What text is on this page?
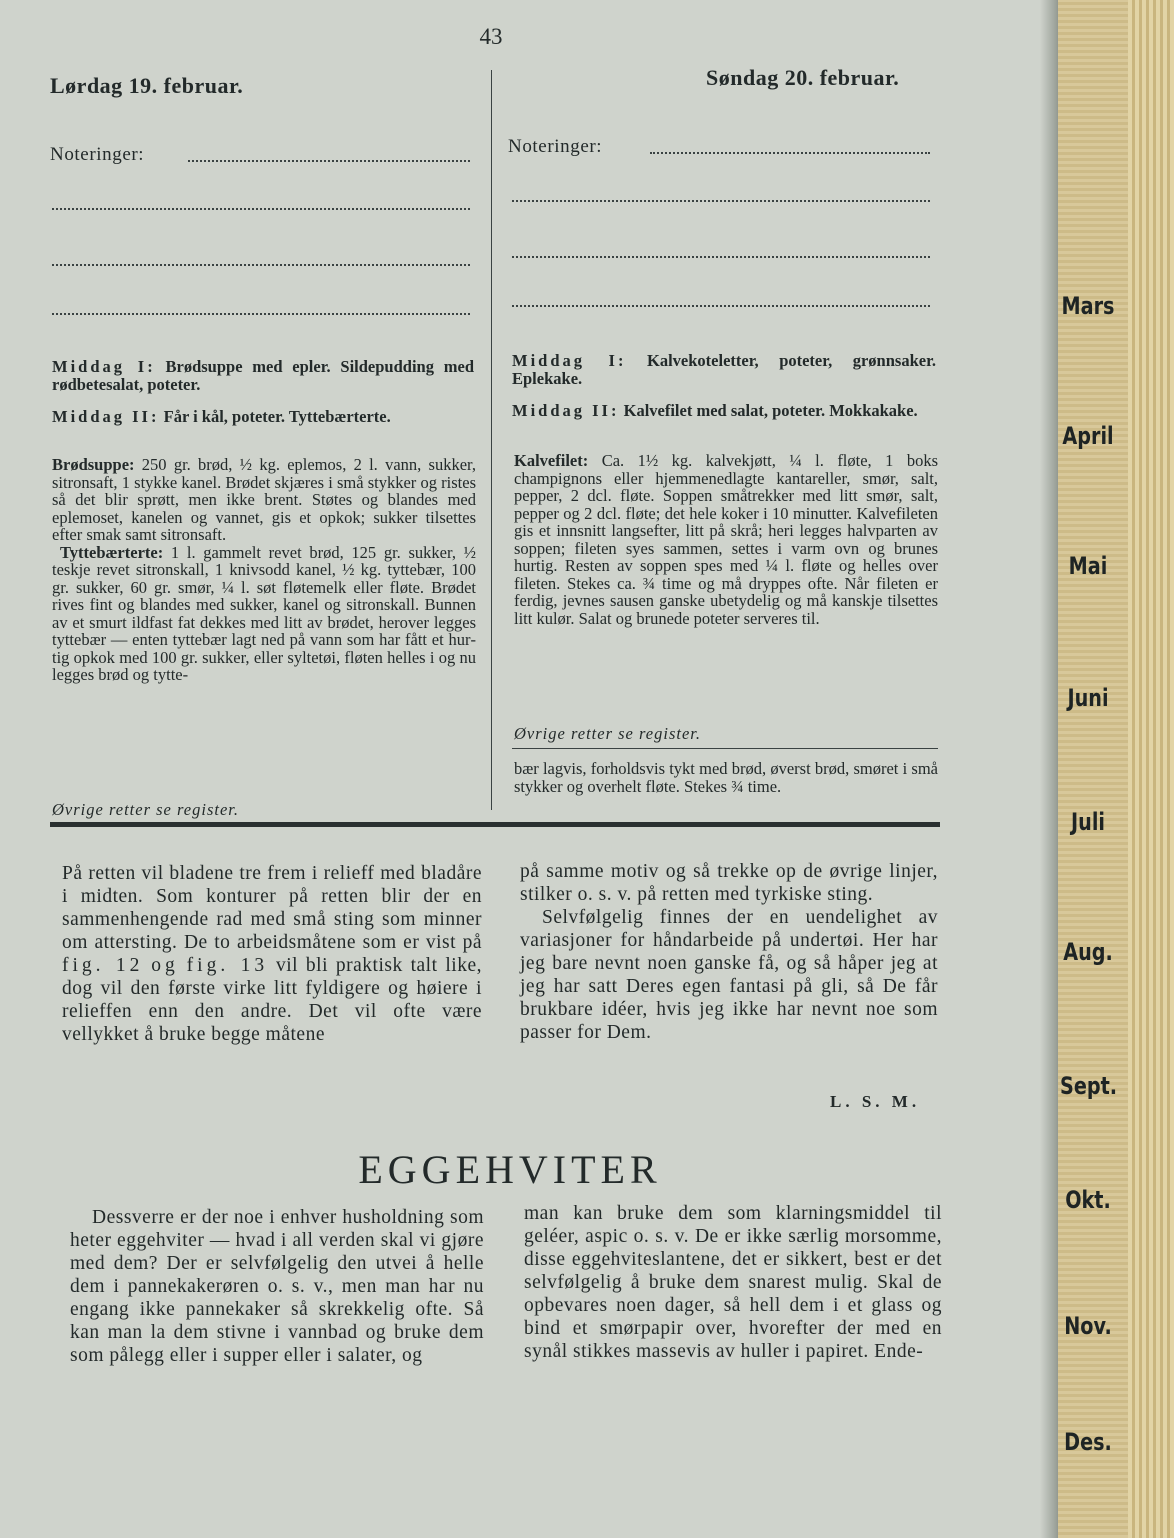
Mars
April
Mai
Juni
Juli
Aug.
Sept.
Okt.
Nov.
Des.
43
Lørdag 19. februar.
Noteringer:
Middag I: Brødsuppe med epler. Sildepudding med rødbetesalat, poteter.
Middag II: Får i kål, poteter. Tyttebærterte.
Brødsuppe: 250 gr. brød, ½ kg. eplemos, 2 l. vann, sukker, sitronsaft, 1 stykke kanel. Brødet skjæres i små stykker og ristes så det blir sprøtt, men ikke brent. Støtes og blandes med eplemoset, kanelen og vannet, gis et opkok; sukker tilsettes efter smak samt sitronsaft.
Tyttebærterte: 1 l. gammelt revet brød, 125 gr. sukker, ½ teskje revet sitronskall, 1 knivsodd kanel, ½ kg. tyttebær, 100 gr. sukker, 60 gr. smør, ¼ l. søt fløtemelk eller fløte. Brødet rives fint og blandes med sukker, kanel og sitronskall. Bunnen av et smurt ildfast fat dekkes med litt av brødet, herover legges tyttebær — enten tyttebær lagt ned på vann som har fått et hurtig opkok med 100 gr. sukker, eller syltetøi, fløten helles i og nu legges brød og tytte-
Øvrige retter se register.
Søndag 20. februar.
Noteringer:
Middag I: Kalvekoteletter, poteter, grønnsaker. Eplekake.
Middag II: Kalvefilet med salat, poteter. Mokkakake.
Kalvefilet: Ca. 1½ kg. kalvekjøtt, ¼ l. fløte, 1 boks champignons eller hjemmenedlagte kantareller, smør, salt, pepper, 2 dcl. fløte. Soppen småtrekker med litt smør, salt, pepper og 2 dcl. fløte; det hele koker i 10 minutter. Kalvefileten gis et innsnitt langsefter, litt på skrå; heri legges halvparten av soppen; fileten syes sammen, settes i varm ovn og brunes hurtig. Resten av soppen spes med ¼ l. fløte og helles over fileten. Stekes ca. ¾ time og må dryppes ofte. Når fileten er ferdig, jevnes sausen ganske ubetydelig og må kanskje tilsettes litt kulør. Salat og brunede poteter serveres til.
Øvrige retter se register.
bær lagvis, forholdsvis tykt med brød, øverst brød, smøret i små stykker og overhelt fløte. Stekes ¾ time.
På retten vil bladene tre frem i relieff med bladåre i midten. Som konturer på retten blir der en sammenhengende rad med små sting som minner om attersting. De to arbeidsmåtene som er vist på fig. 12 og fig. 13 vil bli praktisk talt like, dog vil den første virke litt fyldigere og høiere i relieffen enn den andre. Det vil ofte være vellykket å bruke begge måtene
på samme motiv og så trekke op de øvrige linjer, stilker o. s. v. på retten med tyrkiske sting.
Selvfølgelig finnes der en uendelighet av variasjoner for håndarbeide på undertøi. Her har jeg bare nevnt noen ganske få, og så håper jeg at jeg har satt Deres egen fantasi på gli, så De får brukbare idéer, hvis jeg ikke har nevnt noe som passer for Dem.
L. S. M.
EGGEHVITER
Dessverre er der noe i enhver husholdning som heter eggehviter — hvad i all verden skal vi gjøre med dem? Der er selvfølgelig den utvei å helle dem i pannekakerøren o. s. v., men man har nu engang ikke pannekaker så skrekkelig ofte. Så kan man la dem stivne i vannbad og bruke dem som pålegg eller i supper eller i salater, og
man kan bruke dem som klarningsmiddel til geléer, aspic o. s. v. De er ikke særlig morsomme, disse eggehviteslantene, det er sikkert, best er det selvfølgelig å bruke dem snarest mulig. Skal de opbevares noen dager, så hell dem i et glass og bind et smørpapir over, hvorefter der med en synål stikkes massevis av huller i papiret. Ende-
